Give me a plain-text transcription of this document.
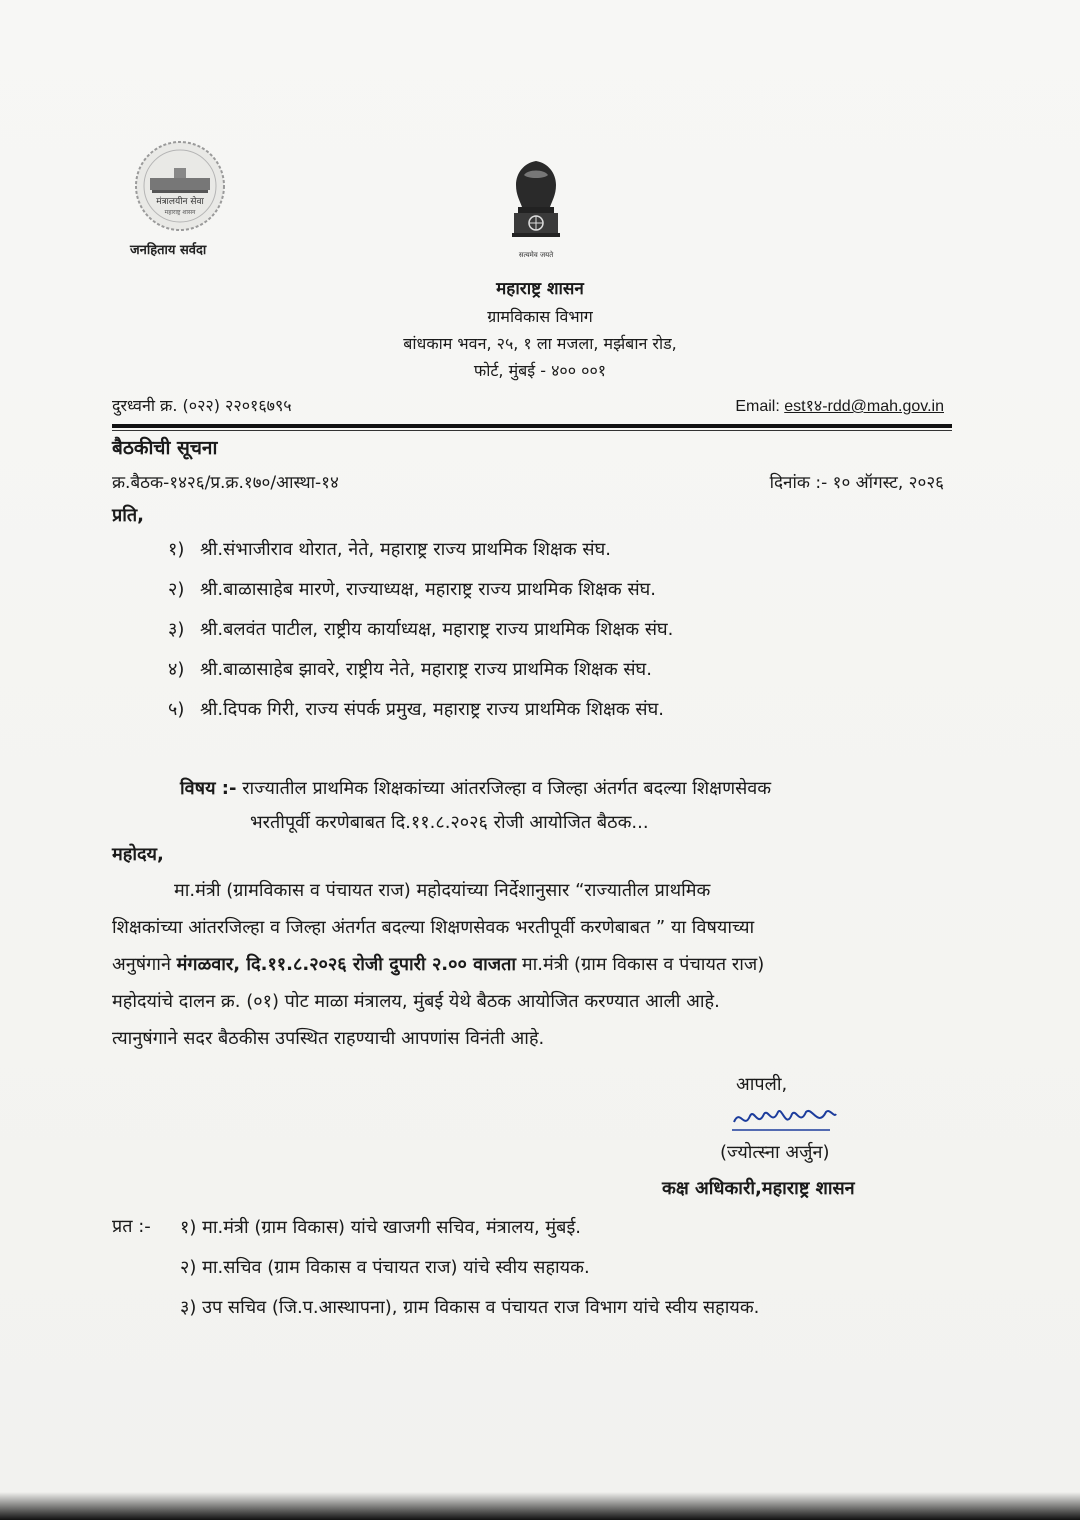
मंत्रालयीन सेवा
महाराष्ट्र शासन
जनहिताय सर्वदा	सत्यमेव जयते
महाराष्ट्र शासन
ग्रामविकास विभाग
बांधकाम भवन, २५, १ ला मजला, मर्झबान रोड,
फोर्ट, मुंबई - ४०० ००१
दुरध्वनी क्र. (०२२) २२०१६७९५	Email: est१४-rdd@mah.gov.in
बैठकीची सूचना
क्र.बैठक-१४२६/प्र.क्र.१७०/आस्था-१४	दिनांक :- १० ऑगस्ट, २०२६
प्रति,
१) श्री.संभाजीराव थोरात, नेते, महाराष्ट्र राज्य प्राथमिक शिक्षक संघ.
२) श्री.बाळासाहेब मारणे, राज्याध्यक्ष, महाराष्ट्र राज्य प्राथमिक शिक्षक संघ.
३) श्री.बलवंत पाटील, राष्ट्रीय कार्याध्यक्ष, महाराष्ट्र राज्य प्राथमिक शिक्षक संघ.
४) श्री.बाळासाहेब झावरे, राष्ट्रीय नेते, महाराष्ट्र राज्य प्राथमिक शिक्षक संघ.
५) श्री.दिपक गिरी, राज्य संपर्क प्रमुख, महाराष्ट्र राज्य प्राथमिक शिक्षक संघ.
विषय :- राज्यातील प्राथमिक शिक्षकांच्या आंतरजिल्हा व जिल्हा अंतर्गत बदल्या शिक्षणसेवक
भरतीपूर्वी करणेबाबत दि.११.८.२०२६ रोजी आयोजित बैठक...
महोदय,
मा.मंत्री (ग्रामविकास व पंचायत राज) महोदयांच्या निर्देशानुसार “राज्यातील प्राथमिक
शिक्षकांच्या आंतरजिल्हा व जिल्हा अंतर्गत बदल्या शिक्षणसेवक भरतीपूर्वी करणेबाबत ” या विषयाच्या
अनुषंगाने मंगळवार, दि.११.८.२०२६ रोजी दुपारी २.०० वाजता मा.मंत्री (ग्राम विकास व पंचायत राज)
महोदयांचे दालन क्र. (०१) पोट माळा मंत्रालय, मुंबई येथे बैठक आयोजित करण्यात आली आहे.
त्यानुषंगाने सदर बैठकीस उपस्थित राहण्याची आपणांस विनंती आहे.
आपली,
(ज्योत्स्ना अर्जुन)
कक्ष अधिकारी,महाराष्ट्र शासन
प्रत :- १) मा.मंत्री (ग्राम विकास) यांचे खाजगी सचिव, मंत्रालय, मुंबई.
२) मा.सचिव (ग्राम विकास व पंचायत राज) यांचे स्वीय सहायक.
३) उप सचिव (जि.प.आस्थापना), ग्राम विकास व पंचायत राज विभाग यांचे स्वीय सहायक.
